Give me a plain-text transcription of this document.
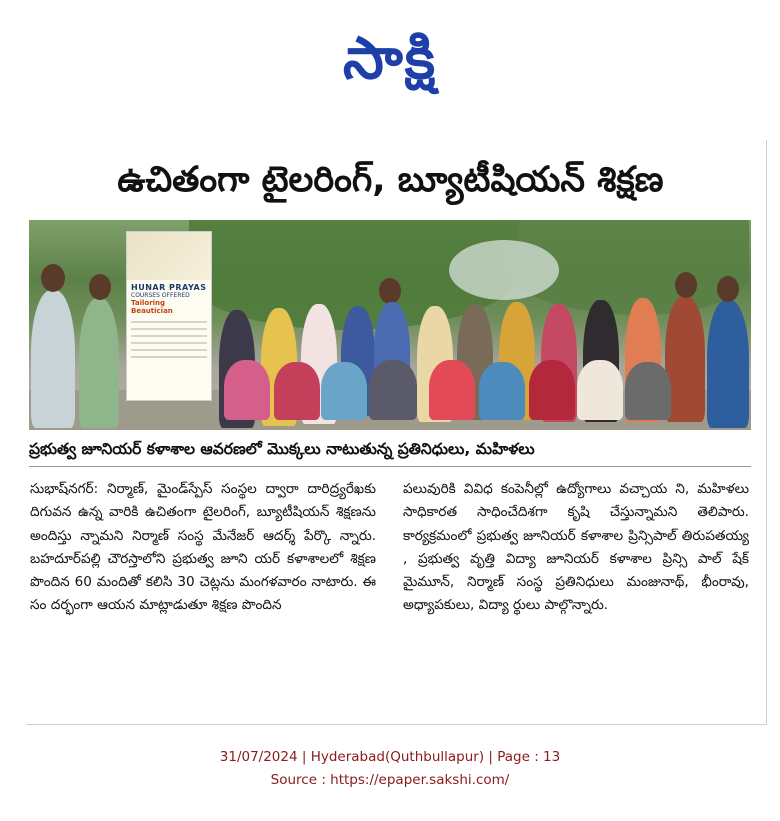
సాక్షి
ఉచితంగా టైలరింగ్, బ్యూటీషియన్ శిక్షణ
HUNAR PRAYAS
COURSES OFFERED
Tailoring
Beautician
ప్రభుత్వ జూనియర్ కళాశాల ఆవరణలో మొక్కలు నాటుతున్న ప్రతినిధులు, మహిళలు
సుభాష్‌నగర్: నిర్మాణ్, మైండ్‌స్పేస్ సంస్థల ద్వారా దారిద్ర్యరేఖకు దిగువన ఉన్న వారికి ఉచితంగా టైలరింగ్, బ్యూటీషియన్ శిక్షణను అందిస్తు న్నామని నిర్మాణ్ సంస్థ మేనేజర్ ఆదర్శ్ పేర్కొ న్నారు. బహదూర్‌పల్లి చౌరస్తాలోని ప్రభుత్వ జూని యర్ కళాశాలలో శిక్షణ పొందిన 60 మందితో కలిసి 30 చెట్లను మంగళవారం నాటారు. ఈ సం దర్భంగా ఆయన మాట్లాడుతూ శిక్షణ పొందిన
పలువురికి వివిధ కంపెనీల్లో ఉద్యోగాలు వచ్చాయ ని, మహిళలు సాధికారత సాధించేదిశగా కృషి చేస్తున్నామని తెలిపారు. కార్యక్రమంలో ప్రభుత్వ జూనియర్ కళాశాల ప్రిన్సిపాల్ తిరుపతయ్య , ప్రభుత్వ వృత్తి విద్యా జూనియర్ కళాశాల ప్రిన్సి పాల్ షేక్ మైమూన్, నిర్మాణ్ సంస్థ ప్రతినిధులు మంజునాథ్, భీంరావు, అధ్యాపకులు, విద్యా ర్థులు పాల్గొన్నారు.
31/07/2024 | Hyderabad(Quthbullapur) | Page : 13
Source : https://epaper.sakshi.com/
